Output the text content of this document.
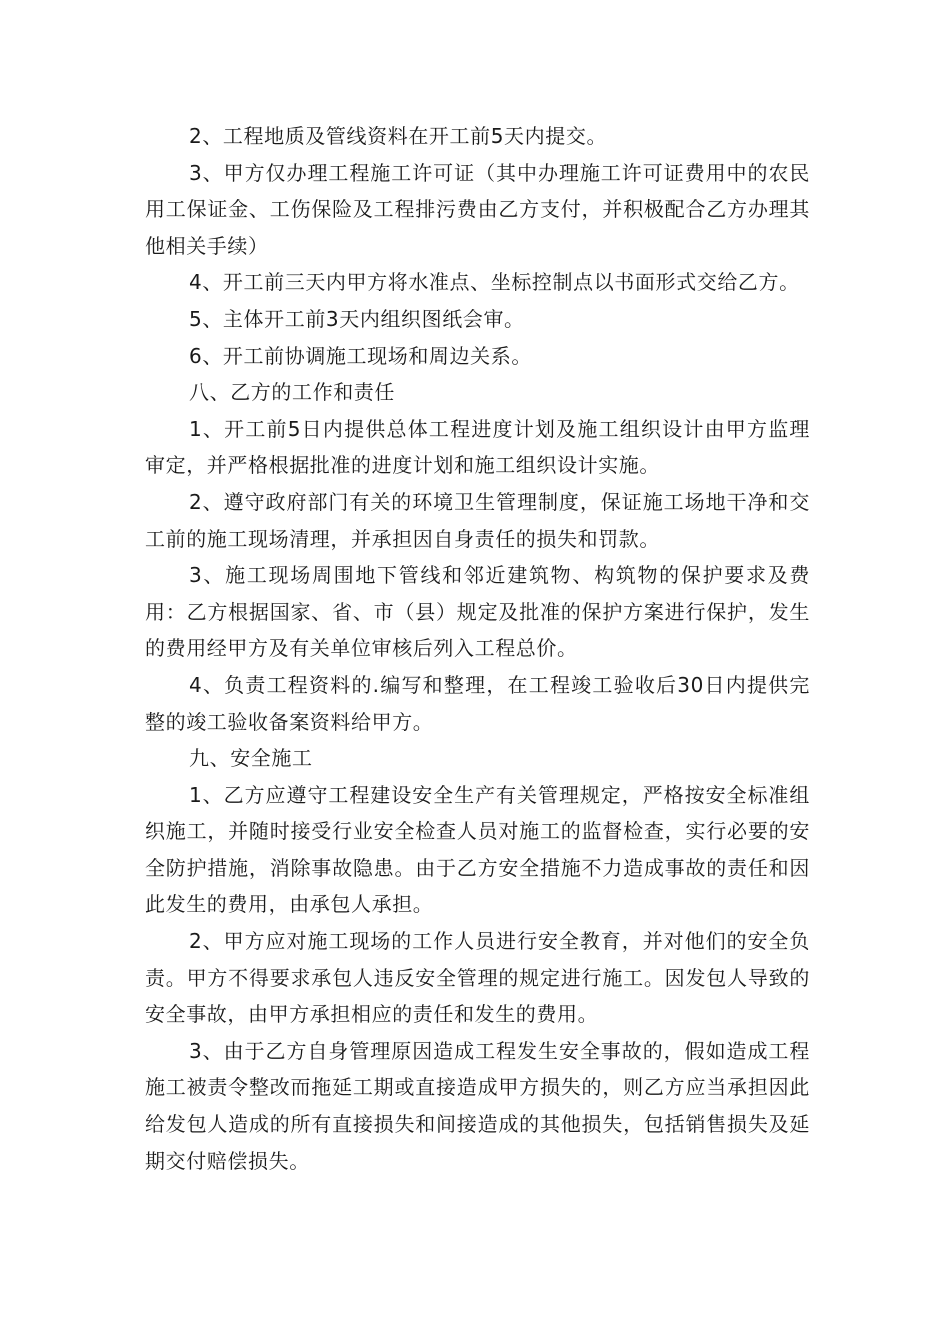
2、工程地质及管线资料在开工前5天内提交。

3、甲方仅办理工程施工许可证（其中办理施工许可证费用中的农民用工保证金、工伤保险及工程排污费由乙方支付，并积极配合乙方办理其他相关手续）

4、开工前三天内甲方将水准点、坐标控制点以书面形式交给乙方。

5、主体开工前3天内组织图纸会审。

6、开工前协调施工现场和周边关系。

八、乙方的工作和责任

1、开工前5日内提供总体工程进度计划及施工组织设计由甲方监理审定，并严格根据批准的进度计划和施工组织设计实施。

2、遵守政府部门有关的环境卫生管理制度，保证施工场地干净和交工前的施工现场清理，并承担因自身责任的损失和罚款。

3、施工现场周围地下管线和邻近建筑物、构筑物的保护要求及费用：乙方根据国家、省、市（县）规定及批准的保护方案进行保护，发生的费用经甲方及有关单位审核后列入工程总价。

4、负责工程资料的.编写和整理，在工程竣工验收后30日内提供完整的竣工验收备案资料给甲方。

九、安全施工

1、乙方应遵守工程建设安全生产有关管理规定，严格按安全标准组织施工，并随时接受行业安全检查人员对施工的监督检查，实行必要的安全防护措施，消除事故隐患。由于乙方安全措施不力造成事故的责任和因此发生的费用，由承包人承担。

2、甲方应对施工现场的工作人员进行安全教育，并对他们的安全负责。甲方不得要求承包人违反安全管理的规定进行施工。因发包人导致的安全事故，由甲方承担相应的责任和发生的费用。

3、由于乙方自身管理原因造成工程发生安全事故的，假如造成工程施工被责令整改而拖延工期或直接造成甲方损失的，则乙方应当承担因此给发包人造成的所有直接损失和间接造成的其他损失，包括销售损失及延期交付赔偿损失。
